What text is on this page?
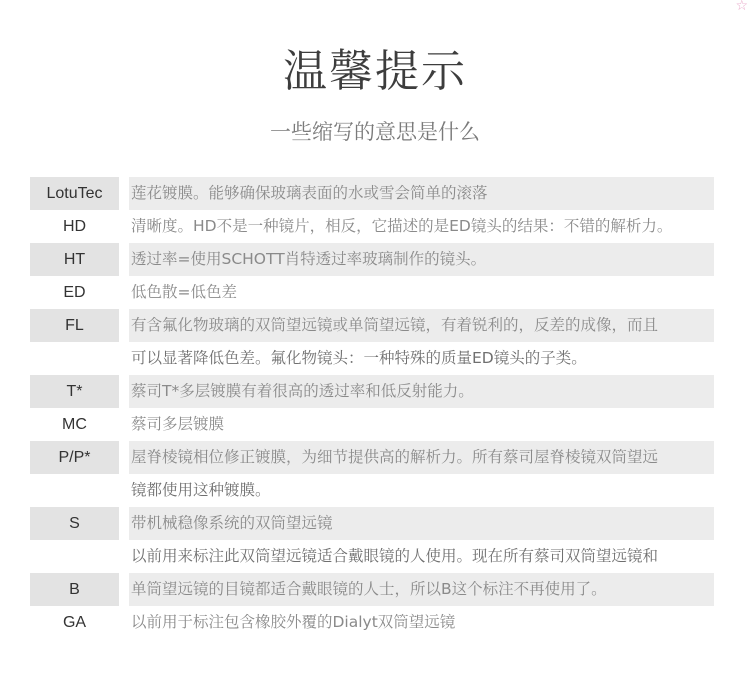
☆
温馨提示
一些缩写的意思是什么
LotuTec	莲花镀膜。能够确保玻璃表面的水或雪会简单的滚落
HD	清晰度。HD不是一种镜片，相反，它描述的是ED镜头的结果：不错的解析力。
HT	透过率=使用SCHOTT肖特透过率玻璃制作的镜头。
ED	低色散=低色差
FL	有含氟化物玻璃的双筒望远镜或单筒望远镜，有着锐利的，反差的成像，而且
可以显著降低色差。氟化物镜头：一种特殊的质量ED镜头的子类。
T*	蔡司T*多层镀膜有着很高的透过率和低反射能力。
MC	蔡司多层镀膜
P/P*	屋脊棱镜相位修正镀膜，为细节提供高的解析力。所有蔡司屋脊棱镜双筒望远
镜都使用这种镀膜。
S	带机械稳像系统的双筒望远镜
以前用来标注此双筒望远镜适合戴眼镜的人使用。现在所有蔡司双筒望远镜和
B	单筒望远镜的目镜都适合戴眼镜的人士，所以B这个标注不再使用了。
GA	以前用于标注包含橡胶外覆的Dialyt双筒望远镜
